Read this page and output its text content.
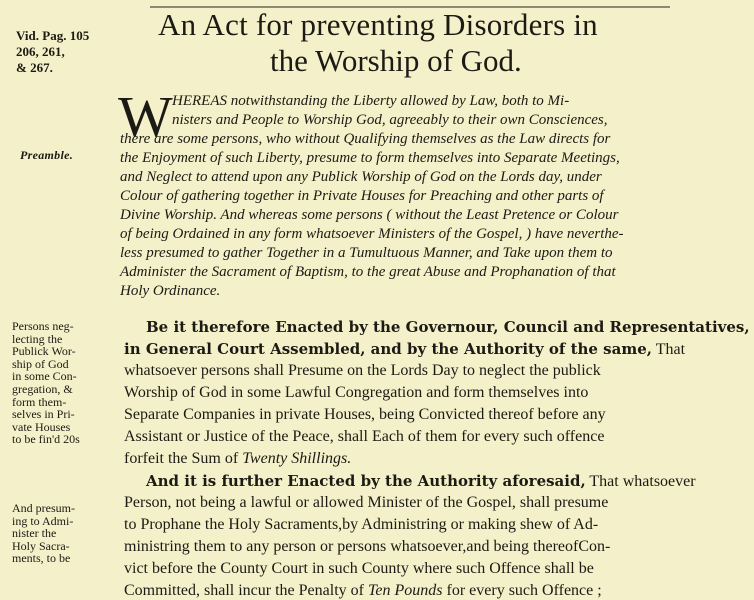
Vid. Pag. 105
206, 261,
& 267.
An Act for preventing Disorders in
the Worship of God.
Preamble.
W HEREAS notwithstanding the Liberty allowed by Law, both to Mi-
nisters and People to Worship God, agreeably to their own Consciences,
there are some persons, who without Qualifying themselves as the Law directs for
the Enjoyment of such Liberty, presume to form themselves into Separate Meetings,
and Neglect to attend upon any Publick Worship of God on the Lords day, under
Colour of gathering together in Private Houses for Preaching and other parts of
Divine Worship. And whereas some persons ( without the Least Pretence or Colour
of being Ordained in any form whatsoever Ministers of the Gospel, ) have neverthe-
less presumed to gather Together in a Tumultuous Manner, and Take upon them to
Administer the Sacrament of Baptism, to the great Abuse and Prophanation of that
Holy Ordinance.
Persons neg-
lecting the
Publick Wor-
ship of God
in some Con-
gregation, &
form them-
selves in Pri-
vate Houses
to be fin'd 20s
And presum-
ing to Admi-
nister the
Holy Sacra-
ments, to be
Be it therefore Enacted by the Governour, Council and Representatives,
in General Court Assembled, and by the Authority of the same, That
whatsoever persons shall Presume on the Lords Day to neglect the publick
Worship of God in some Lawful Congregation and form themselves into
Separate Companies in private Houses, being Convicted thereof before any
Assistant or Justice of the Peace, shall Each of them for every such offence
forfeit the Sum of Twenty Shillings.
And it is further Enacted by the Authority aforesaid, That whatsoever
Person, not being a lawful or allowed Minister of the Gospel, shall presume
to Prophane the Holy Sacraments,by Administring or making shew of Ad-
ministring them to any person or persons whatsoever,and being thereofCon-
vict before the County Court in such County where such Offence shall be
Committed, shall incur the Penalty of Ten Pounds for every such Offence ;
